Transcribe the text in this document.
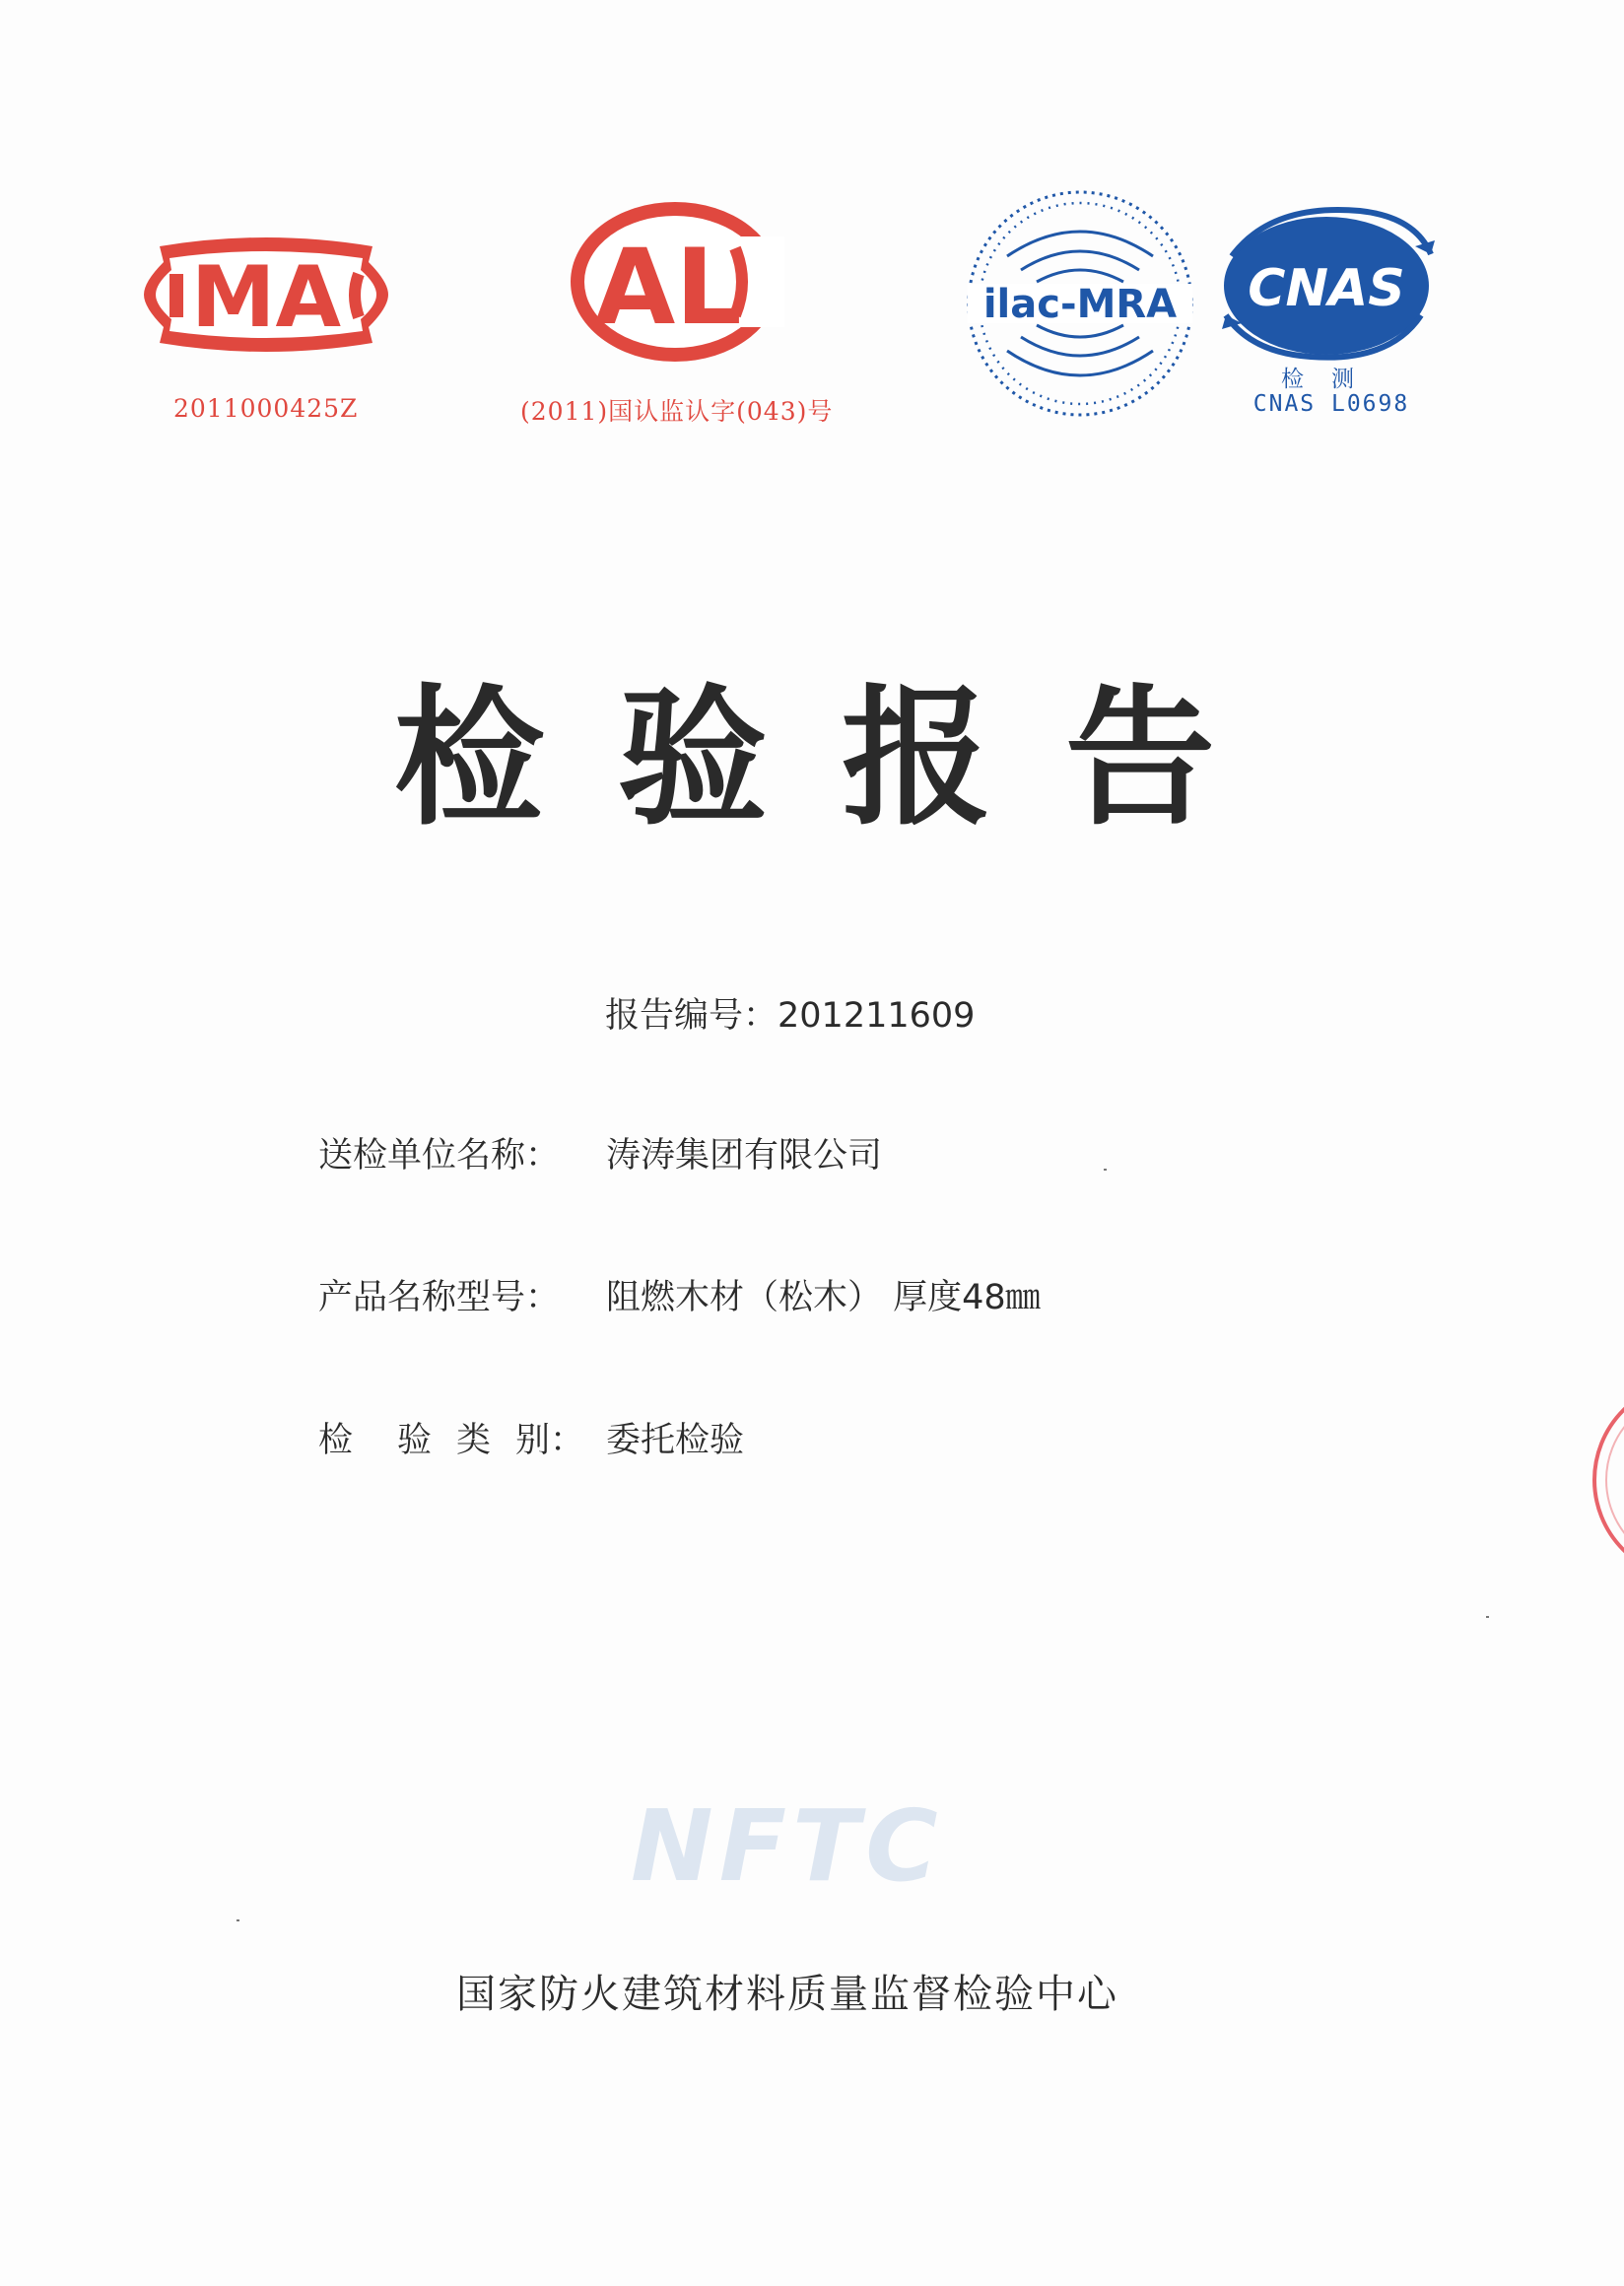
MA
2011000425Z
AL
(2011)国认监认字(043)号
ilac-MRA CNAS
检测
CNAS L0698
检验报告
报告编号：201211609
送检单位名称： 涛涛集团有限公司
产品名称型号： 阻燃木材（松木） 厚度48㎜
检 验 类 别： 委托检验
NFTC
国家防火建筑材料质量监督检验中心
